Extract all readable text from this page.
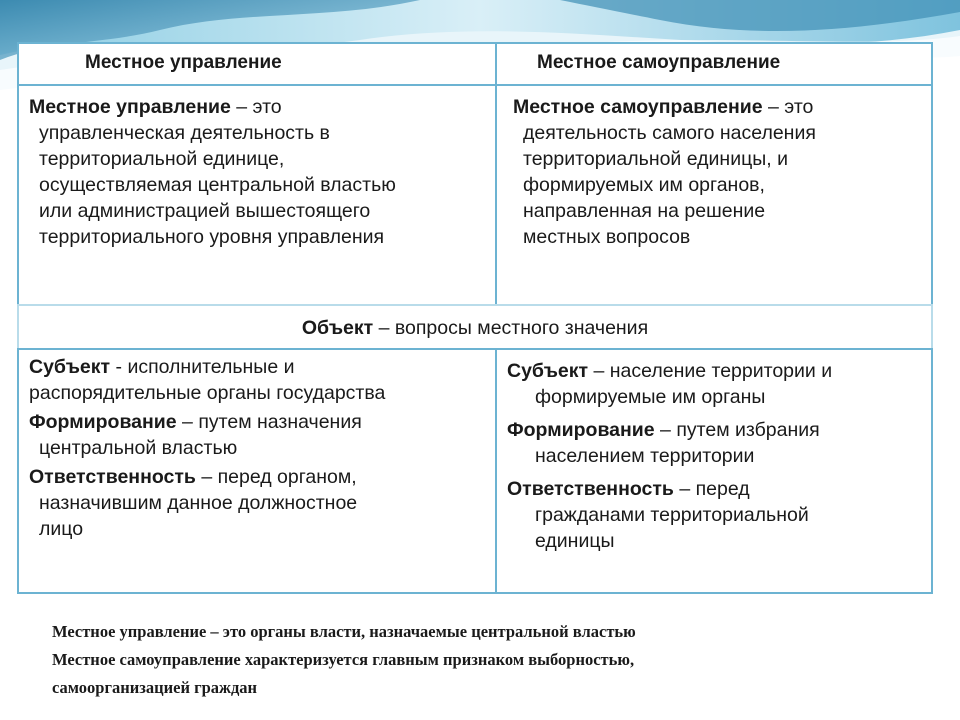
Местное управление	Местное самоуправление
Местное управление – это
управленческая деятельность в
территориальной единице,
осуществляемая центральной властью
или администрацией вышестоящего
территориального уровня управления
Местное самоуправление – это
деятельность самого населения
территориальной единицы, и
формируемых им органов,
направленная на решение
местных вопросов
Объект – вопросы местного значения
Субъект - исполнительные и
распорядительные органы государства
Формирование – путем назначения
центральной властью
Ответственность – перед органом,
назначившим данное должностное
лицо
Субъект – население территории и
формируемые им органы
Формирование – путем избрания
населением территории
Ответственность – перед
гражданами территориальной
единицы
Местное управление – это органы власти, назначаемые центральной властью
Местное самоуправление характеризуется главным признаком выборностью,
самоорганизацией граждан
